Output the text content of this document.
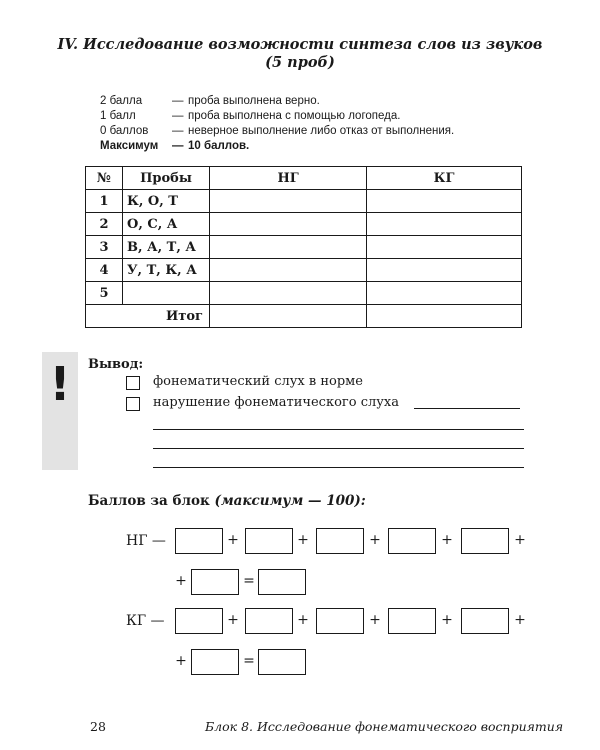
IV. Исследование возможности синтеза слов из звуков
(5 проб)
2 балла	— проба выполнена верно.
1 балл	— проба выполнена с помощью логопеда.
0 баллов	— неверное выполнение либо отказ от выполнения.
Максимум	— 10 баллов.
№	Пробы	НГ	КГ
1	К, О, Т		
2	О, С, А		
3	В, А, Т, А		
4	У, Т, К, А		
5			
Итог			
!	Вывод:
фонематический слух в норме
нарушение фонематического слуха
Баллов за блок (максимум — 100):
НГ —	+	+	+	+	+
+	=
КГ —	+	+	+	+	+
+	=
28	Блок 8. Исследование фонематического восприятия
